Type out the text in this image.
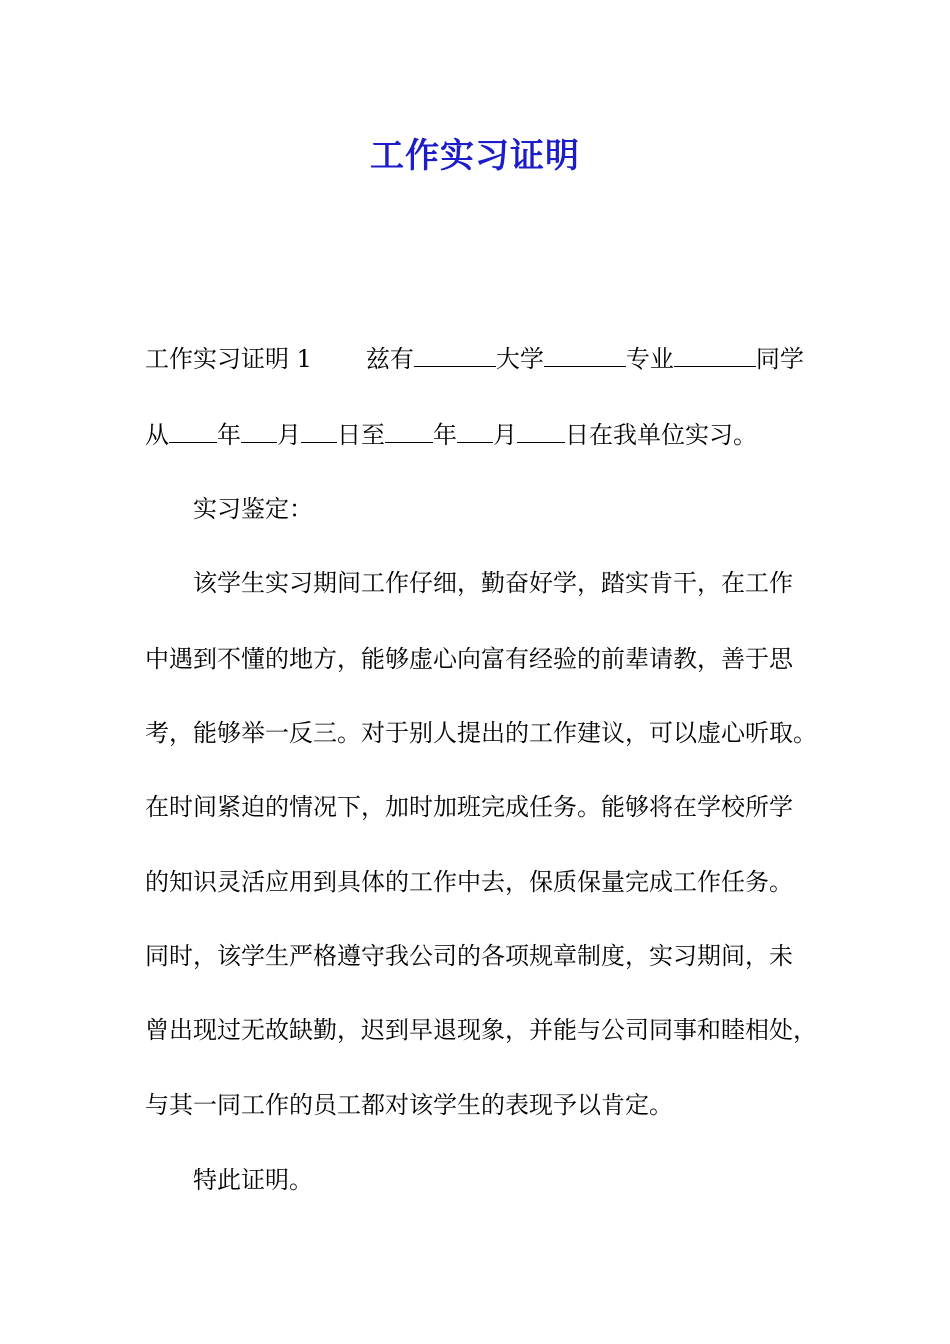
工作实习证明
工作实习证明 1 兹有	大学	专业	同学
从 年 月 日至 年 月 日在我单位实习。
实习鉴定：
该学生实习期间工作仔细，勤奋好学，踏实肯干，在工作
中遇到不懂的地方，能够虚心向富有经验的前辈请教，善于思
考，能够举一反三。对于别人提出的工作建议，可以虚心听取。
在时间紧迫的情况下，加时加班完成任务。能够将在学校所学
的知识灵活应用到具体的工作中去，保质保量完成工作任务。
同时，该学生严格遵守我公司的各项规章制度，实习期间，未
曾出现过无故缺勤，迟到早退现象，并能与公司同事和睦相处，
与其一同工作的员工都对该学生的表现予以肯定。
特此证明。
